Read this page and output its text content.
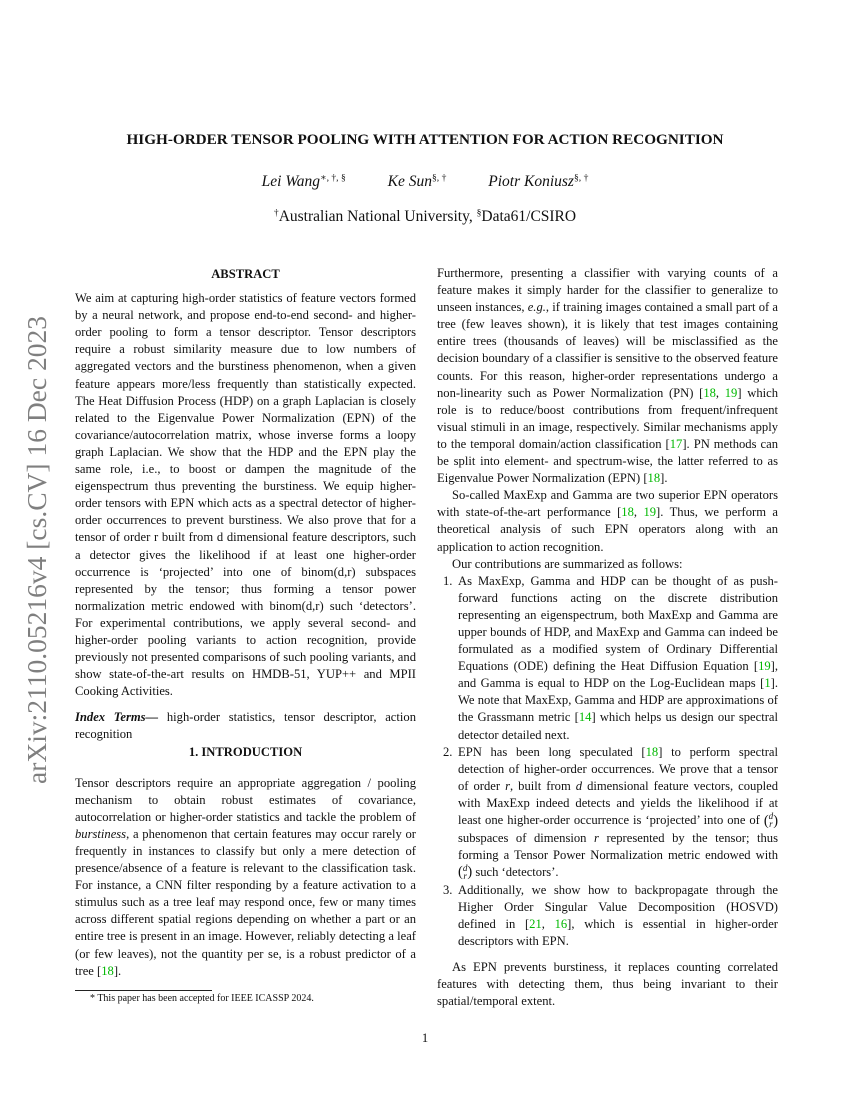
arXiv:2110.05216v4 [cs.CV] 16 Dec 2023
HIGH-ORDER TENSOR POOLING WITH ATTENTION FOR ACTION RECOGNITION
Lei Wang∗, †, §	Ke Sun§, †	Piotr Koniusz§, †
†Australian National University, §Data61/CSIRO
ABSTRACT

We aim at capturing high-order statistics of feature vectors formed by a neural network, and propose end-to-end second- and higher-order pooling to form a tensor descriptor. Tensor descriptors require a robust similarity measure due to low numbers of aggregated vectors and the burstiness phenomenon, when a given feature appears more/less frequently than statistically expected. The Heat Diffusion Process (HDP) on a graph Laplacian is closely related to the Eigenvalue Power Normalization (EPN) of the covariance/autocorrelation matrix, whose inverse forms a loopy graph Laplacian. We show that the HDP and the EPN play the same role, i.e., to boost or dampen the magnitude of the eigenspectrum thus preventing the burstiness. We equip higher-order tensors with EPN which acts as a spectral detector of higher-order occurrences to prevent burstiness. We also prove that for a tensor of order r built from d dimensional feature descriptors, such a detector gives the likelihood if at least one higher-order occurrence is ‘projected’ into one of binom(d,r) subspaces represented by the tensor; thus forming a tensor power normalization metric endowed with binom(d,r) such ‘detectors’. For experimental contributions, we apply several second- and higher-order pooling variants to action recognition, provide previously not presented comparisons of such pooling variants, and show state-of-the-art results on HMDB-51, YUP++ and MPII Cooking Activities.

Index Terms— high-order statistics, tensor descriptor, action recognition

1. INTRODUCTION

Tensor descriptors require an appropriate aggregation / pooling mechanism to obtain robust estimates of covariance, autocorrelation or higher-order statistics and tackle the problem of burstiness, a phenomenon that certain features may occur rarely or frequently in instances to classify but only a mere detection of presence/absence of a feature is relevant to the classification task. For instance, a CNN filter responding by a feature activation to a stimulus such as a tree leaf may respond once, few or many times across different spatial regions depending on whether a part or an entire tree is present in an image. However, reliably detecting a leaf (or few leaves), not the quantity per se, is a robust predictor of a tree [18].

* This paper has been accepted for IEEE ICASSP 2024.

Furthermore, presenting a classifier with varying counts of a feature makes it simply harder for the classifier to generalize to unseen instances, e.g., if training images contained a small part of a tree (few leaves shown), it is likely that test images containing entire trees (thousands of leaves) will be misclassified as the decision boundary of a classifier is sensitive to the observed feature counts. For this reason, higher-order representations undergo a non-linearity such as Power Normalization (PN) [18, 19] which role is to reduce/boost contributions from frequent/infrequent visual stimuli in an image, respectively. Similar mechanisms apply to the temporal domain/action classification [17]. PN methods can be split into element- and spectrum-wise, the latter referred to as Eigenvalue Power Normalization (EPN) [18].

So-called MaxExp and Gamma are two superior EPN operators with state-of-the-art performance [18, 19]. Thus, we perform a theoretical analysis of such EPN operators along with an application to action recognition.

Our contributions are summarized as follows:

1. As MaxExp, Gamma and HDP can be thought of as push-forward functions acting on the discrete distribution representing an eigenspectrum, both MaxExp and Gamma are upper bounds of HDP, and MaxExp and Gamma can indeed be formulated as a modified system of Ordinary Differential Equations (ODE) defining the Heat Diffusion Equation [19], and Gamma is equal to HDP on the Log-Euclidean maps [1]. We note that MaxExp, Gamma and HDP are approximations of the Grassmann metric [14] which helps us design our spectral detector detailed next.
2. EPN has been long speculated [18] to perform spectral detection of higher-order occurrences. We prove that a tensor of order r, built from d dimensional feature vectors, coupled with MaxExp indeed detects and yields the likelihood if at least one higher-order occurrence is ‘projected’ into one of ( d
r )
subspaces of dimension r represented by the tensor; thus forming a Tensor Power Normalization metric endowed with
( d
r ) such ‘detectors’.
3. Additionally, we show how to backpropagate through the Higher Order Singular Value Decomposition (HOSVD) defined in [21, 16], which is essential in higher-order descriptors with EPN.

As EPN prevents burstiness, it replaces counting correlated features with detecting them, thus being invariant to their spatial/temporal extent.

1
